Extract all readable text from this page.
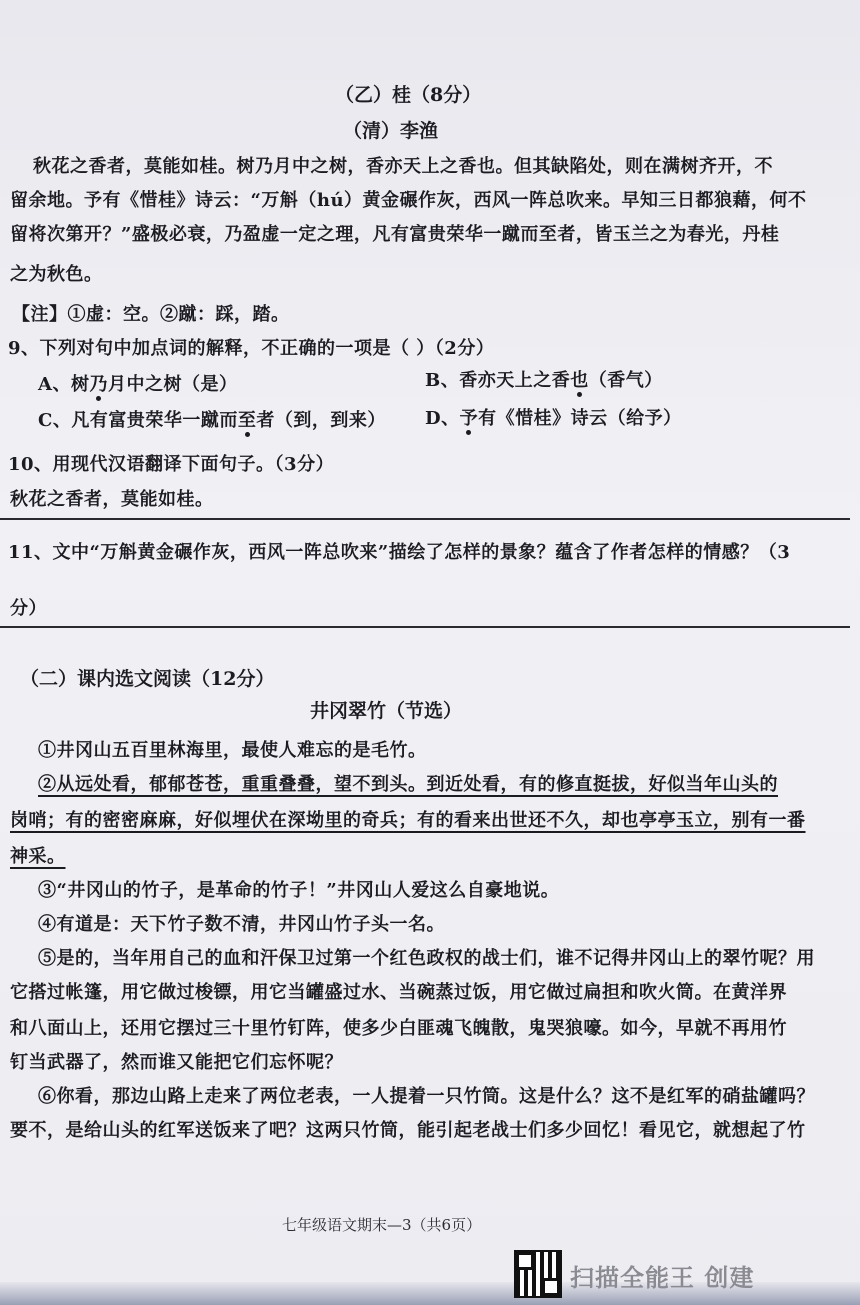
（乙）桂（8分）
（清）李渔
秋花之香者，莫能如桂。树乃月中之树，香亦天上之香也。但其缺陷处，则在满树齐开，不
留余地。予有《惜桂》诗云：“万斛（hú）黄金碾作灰，西风一阵总吹来。早知三日都狼藉，何不
留将次第开？”盛极必衰，乃盈虚一定之理，凡有富贵荣华一蹴而至者，皆玉兰之为春光，丹桂
之为秋色。
【注】①虚：空。②蹴：踩，踏。
9、下列对句中加点词的解释，不正确的一项是（ ）（2分）
A、树乃月中之树（是）	B、香亦天上之香也（香气）
C、凡有富贵荣华一蹴而至者（到，到来） D、予有《惜桂》诗云（给予）
10、用现代汉语翻译下面句子。（3分）
秋花之香者，莫能如桂。
11、文中“万斛黄金碾作灰，西风一阵总吹来”描绘了怎样的景象？蕴含了作者怎样的情感？（3
分）
（二）课内选文阅读（12分）
井冈翠竹（节选）
①井冈山五百里林海里，最使人难忘的是毛竹。
②从远处看，郁郁苍苍，重重叠叠，望不到头。到近处看，有的修直挺拔，好似当年山头的
岗哨；有的密密麻麻，好似埋伏在深坳里的奇兵；有的看来出世还不久，却也亭亭玉立，别有一番
神采。
③“井冈山的竹子，是革命的竹子！”井冈山人爱这么自豪地说。
④有道是：天下竹子数不清，井冈山竹子头一名。
⑤是的，当年用自己的血和汗保卫过第一个红色政权的战士们，谁不记得井冈山上的翠竹呢？用
它搭过帐篷，用它做过梭镖，用它当罐盛过水、当碗蒸过饭，用它做过扁担和吹火筒。在黄洋界
和八面山上，还用它摆过三十里竹钉阵，使多少白匪魂飞魄散，鬼哭狼嚎。如今，早就不再用竹
钉当武器了，然而谁又能把它们忘怀呢？
⑥你看，那边山路上走来了两位老表，一人提着一只竹筒。这是什么？这不是红军的硝盐罐吗？
要不，是给山头的红军送饭来了吧？这两只竹筒，能引起老战士们多少回忆！看见它，就想起了竹
七年级语文期末—3（共6页）
扫描全能王 创建
